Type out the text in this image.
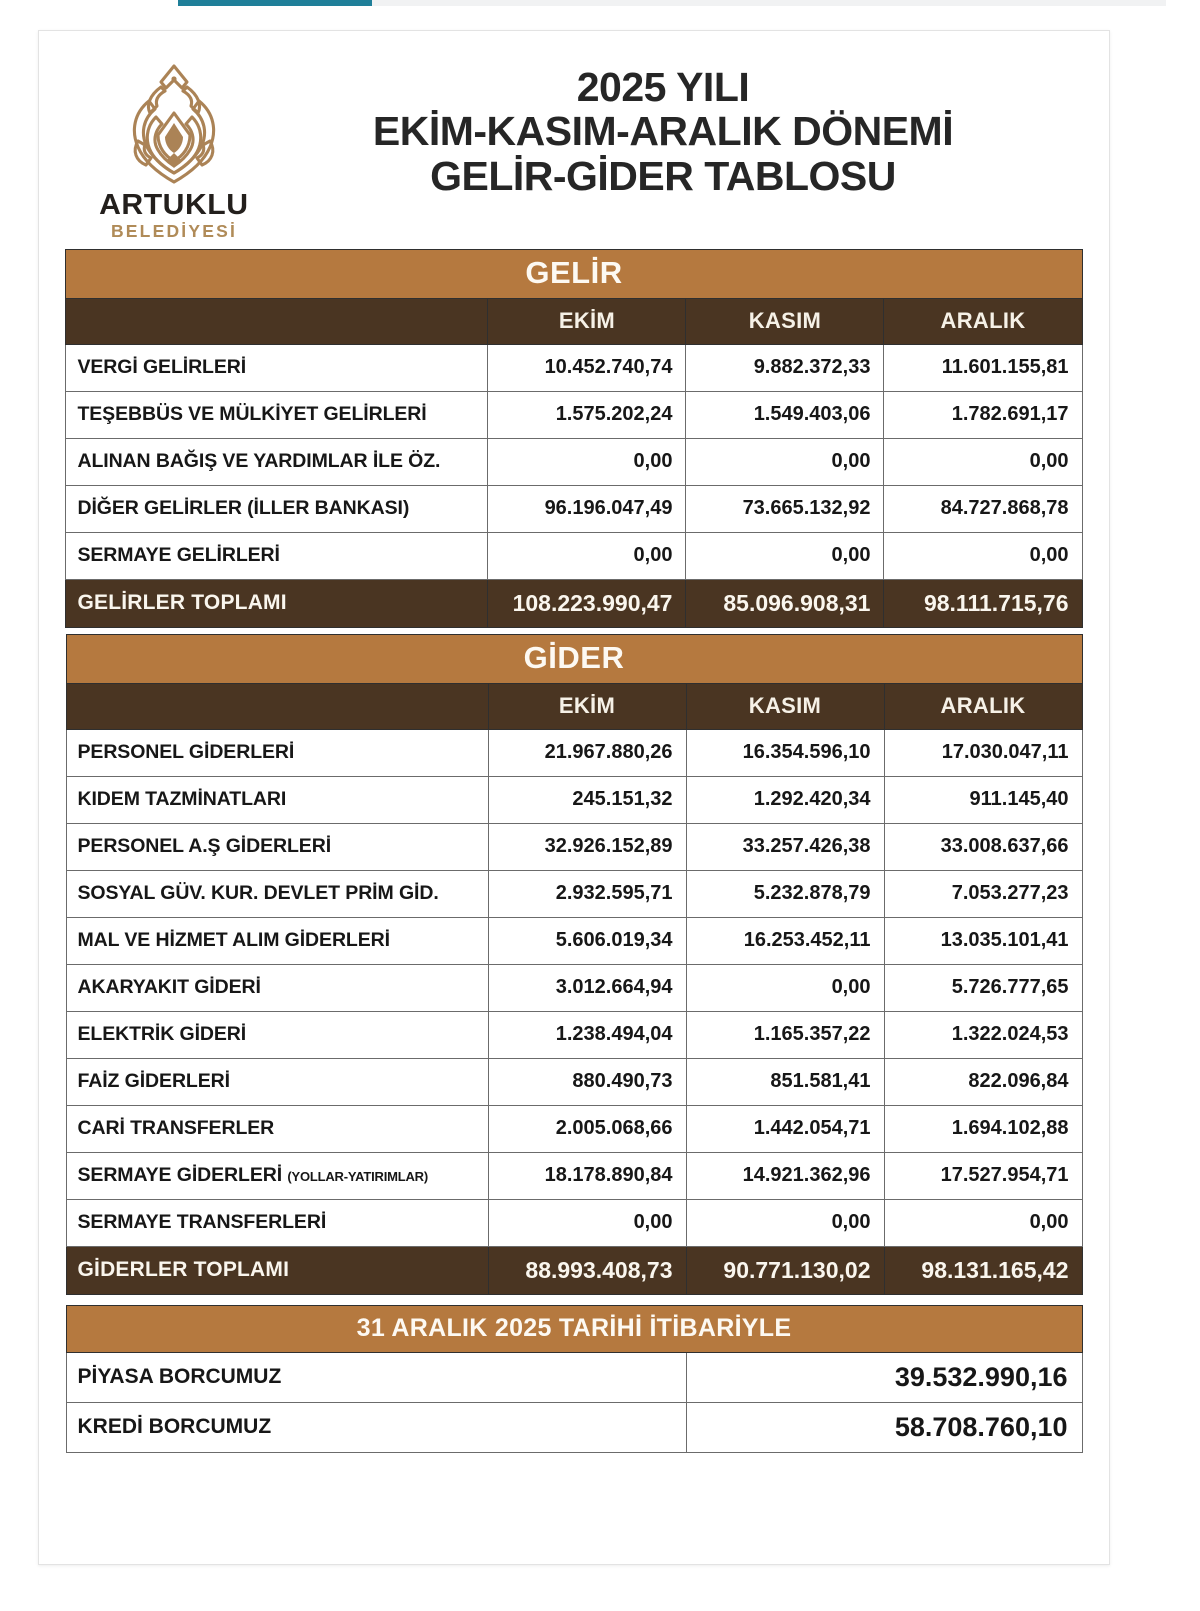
ARTUKLU
BELEDİYESİ
2025 YILI
EKİM-KASIM-ARALIK DÖNEMİ
GELİR-GİDER TABLOSU
GELİR			
	EKİM	KASIM	ARALIK
VERGİ GELİRLERİ	10.452.740,74	9.882.372,33	11.601.155,81
TEŞEBBÜS VE MÜLKİYET GELİRLERİ	1.575.202,24	1.549.403,06	1.782.691,17
ALINAN BAĞIŞ VE YARDIMLAR İLE ÖZ.	0,00	0,00	0,00
DİĞER GELİRLER (İLLER BANKASI)	96.196.047,49	73.665.132,92	84.727.868,78
SERMAYE GELİRLERİ	0,00	0,00	0,00
GELİRLER TOPLAMI	108.223.990,47	85.096.908,31	98.111.715,76
GİDER			
	EKİM	KASIM	ARALIK
PERSONEL GİDERLERİ	21.967.880,26	16.354.596,10	17.030.047,11
KIDEM TAZMİNATLARI	245.151,32	1.292.420,34	911.145,40
PERSONEL A.Ş GİDERLERİ	32.926.152,89	33.257.426,38	33.008.637,66
SOSYAL GÜV. KUR. DEVLET PRİM GİD.	2.932.595,71	5.232.878,79	7.053.277,23
MAL VE HİZMET ALIM GİDERLERİ	5.606.019,34	16.253.452,11	13.035.101,41
AKARYAKIT GİDERİ	3.012.664,94	0,00	5.726.777,65
ELEKTRİK GİDERİ	1.238.494,04	1.165.357,22	1.322.024,53
FAİZ GİDERLERİ	880.490,73	851.581,41	822.096,84
CARİ TRANSFERLER	2.005.068,66	1.442.054,71	1.694.102,88
SERMAYE GİDERLERİ (YOLLAR-YATIRIMLAR)	18.178.890,84	14.921.362,96	17.527.954,71
SERMAYE TRANSFERLERİ	0,00	0,00	0,00
GİDERLER TOPLAMI	88.993.408,73	90.771.130,02	98.131.165,42
31 ARALIK 2025 TARİHİ İTİBARİYLE	
PİYASA BORCUMUZ	39.532.990,16
KREDİ BORCUMUZ	58.708.760,10
